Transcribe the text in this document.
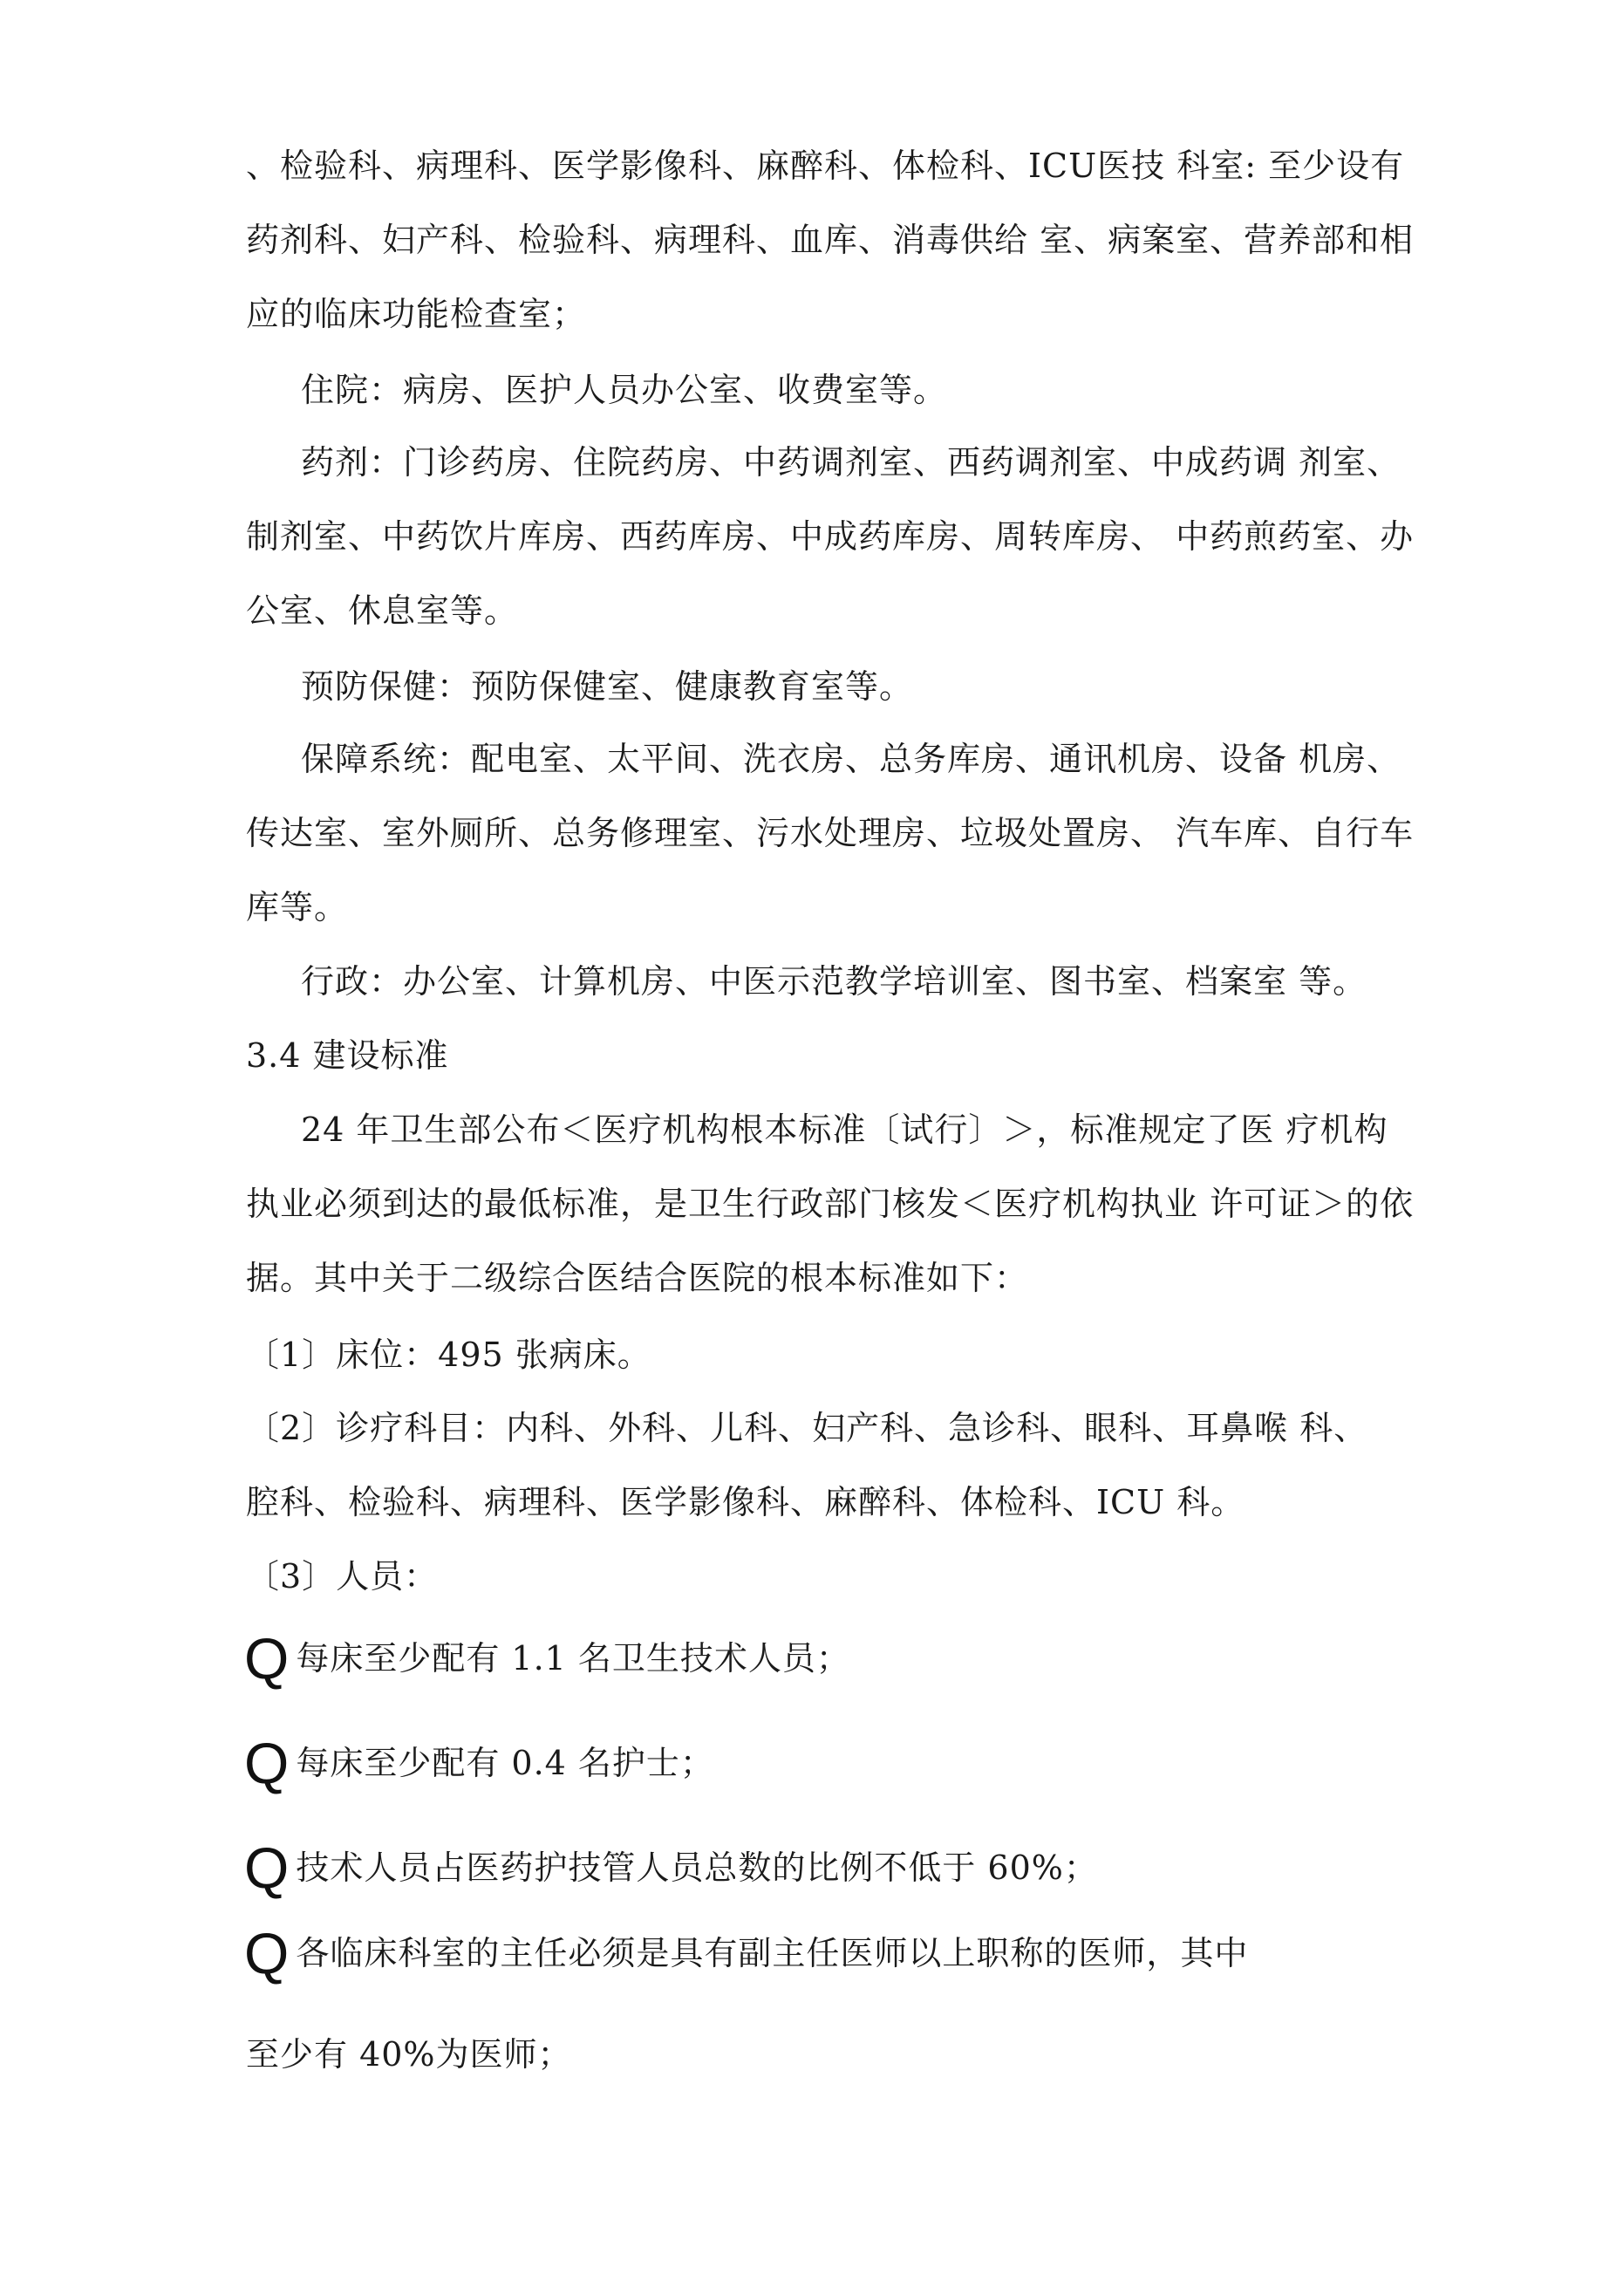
、检验科、病理科、医学影像科、麻醉科、体检科、ICU医技 科室: 至少设有
药剂科、妇产科、检验科、病理科、血库、消毒供给 室、病案室、营养部和相
应的临床功能检查室；
住院：病房、医护人员办公室、收费室等。
药剂：门诊药房、住院药房、中药调剂室、西药调剂室、中成药调 剂室、
制剂室、中药饮片库房、西药库房、中成药库房、周转库房、 中药煎药室、办
公室、休息室等。
预防保健：预防保健室、健康教育室等。
保障系统：配电室、太平间、洗衣房、总务库房、通讯机房、设备 机房、
传达室、室外厕所、总务修理室、污水处理房、垃圾处置房、 汽车库、自行车
库等。
行政：办公室、计算机房、中医示范教学培训室、图书室、档案室 等。
3.4 建设标准
24 年卫生部公布＜医疗机构根本标准〔试行〕＞，标准规定了医 疗机构
执业必须到达的最低标准，是卫生行政部门核发＜医疗机构执业 许可证＞的依
据。其中关于二级综合医结合医院的根本标准如下：
〔1〕床位：495 张病床。
〔2〕诊疗科目：内科、外科、儿科、妇产科、急诊科、眼科、耳鼻喉 科、
腔科、检验科、病理科、医学影像科、麻醉科、体检科、ICU 科。
〔3〕人员：
Q 每床至少配有 1.1 名卫生技术人员；
Q 每床至少配有 0.4 名护士；
Q 技术人员占医药护技管人员总数的比例不低于 60%；
Q 各临床科室的主任必须是具有副主任医师以上职称的医师，其中
至少有 40%为医师；
